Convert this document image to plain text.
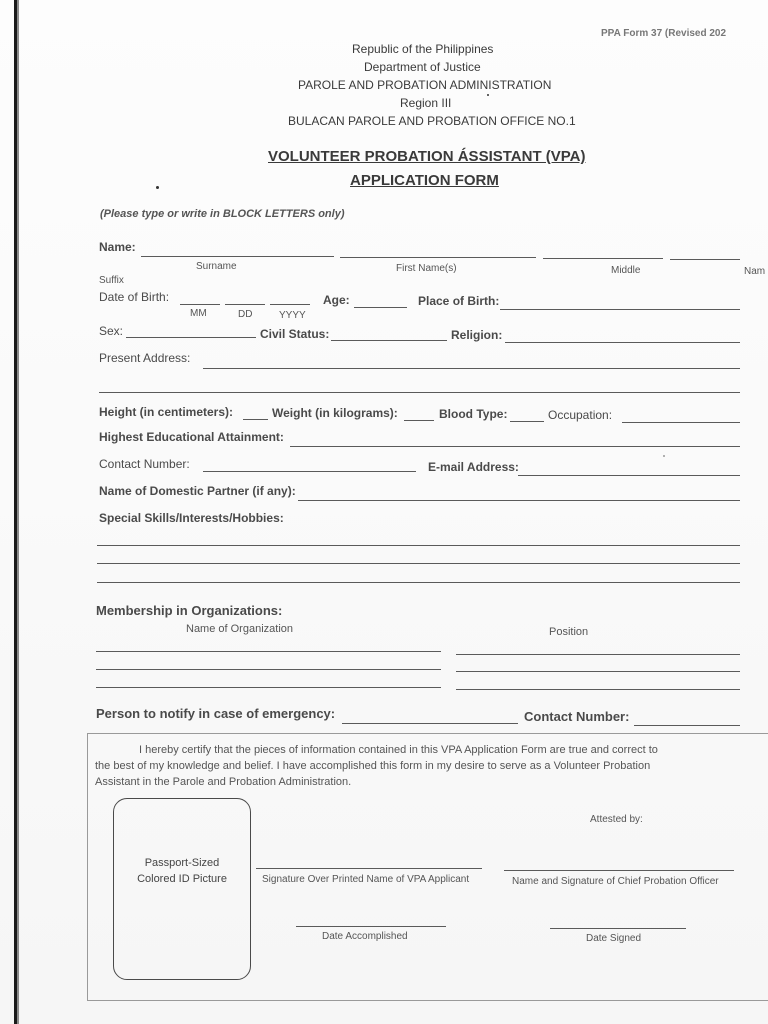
PPA Form 37 (Revised 202
Republic of the Philippines
Department of Justice
PAROLE AND PROBATION ADMINISTRATION
Region III
BULACAN PAROLE AND PROBATION OFFICE NO.1
VOLUNTEER PROBATION ÁSSISTANT (VPA)
APPLICATION FORM
(Please type or write in BLOCK LETTERS only)
Name:
Surname	First Name(s)	Middle	Nam
Suffix
Date of Birth:
MM	DD	YYYY
Age:	Place of Birth:
Sex:	Civil Status:	Religion:
Present Address:
Height (in centimeters):	Weight (in kilograms):	Blood Type:	Occupation:
Highest Educational Attainment:
Contact Number:	E-mail Address:
Name of Domestic Partner (if any):
Special Skills/Interests/Hobbies:
Membership in Organizations:
Name of Organization	Position
Person to notify in case of emergency:	Contact Number:
I hereby certify that the pieces of information contained in this VPA Application Form are true and correct to
the best of my knowledge and belief. I have accomplished this form in my desire to serve as a Volunteer Probation
Assistant in the Parole and Probation Administration.
Passport-Sized
Colored ID Picture
Attested by:
Signature Over Printed Name of VPA Applicant	Name and Signature of Chief Probation Officer
Date Accomplished	Date Signed
